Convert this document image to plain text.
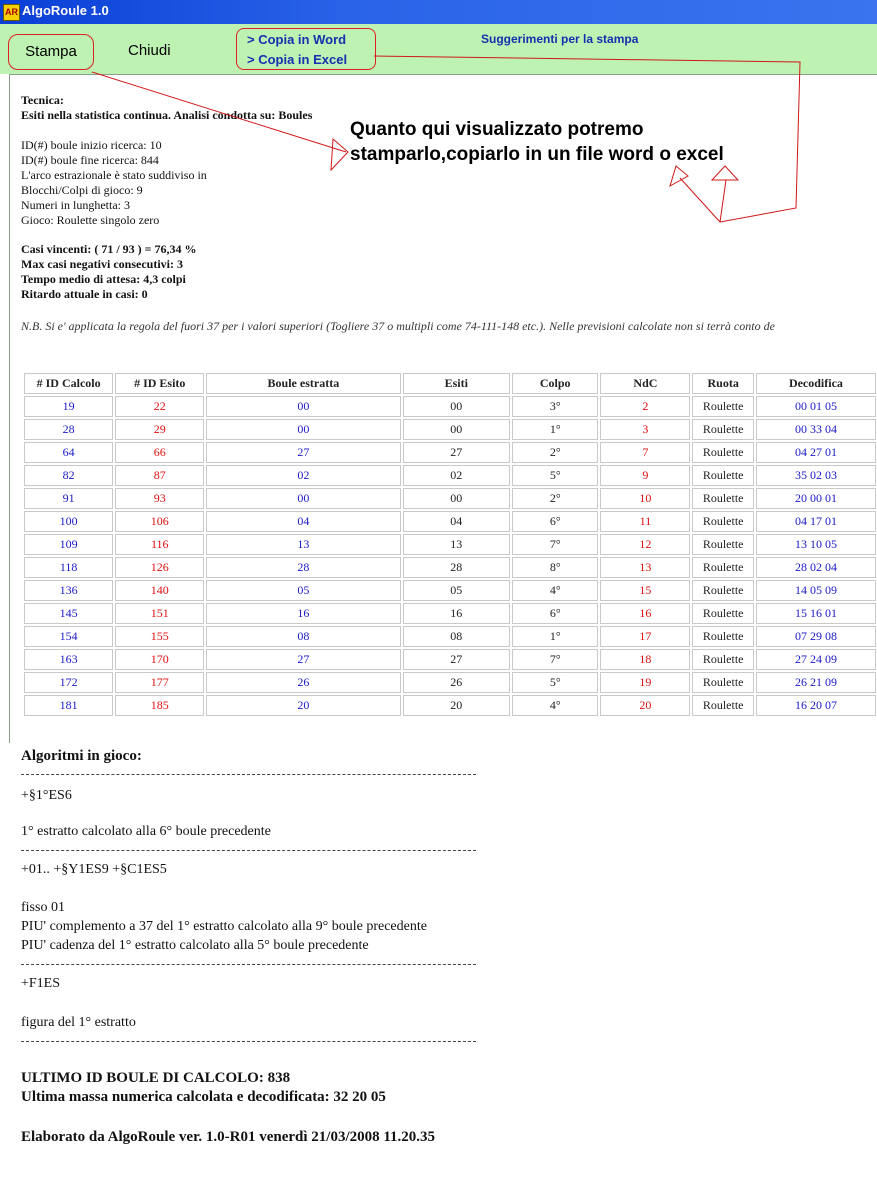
AR AlgoRoule 1.0
Stampa	Chiudi
> Copia in Word
> Copia in Excel
Suggerimenti per la stampa
Tecnica:
Esiti nella statistica continua. Analisi condotta su: Boules
ID(#) boule inizio ricerca: 10
ID(#) boule fine ricerca: 844
L'arco estrazionale è stato suddiviso in
Blocchi/Colpi di gioco: 9
Numeri in lunghetta: 3
Gioco: Roulette singolo zero
Casi vincenti: ( 71 / 93 ) = 76,34 %
Max casi negativi consecutivi: 3
Tempo medio di attesa: 4,3 colpi
Ritardo attuale in casi: 0
N.B. Si e' applicata la regola del fuori 37 per i valori superiori (Togliere 37 o multipli come 74-111-148 etc.). Nelle previsioni calcolate non si terrà conto de
# ID Calcolo	# ID Esito	Boule estratta	Esiti	Colpo	NdC	Ruota	Decodifica
19	22	00	00	3°	2	Roulette	00 01 05
28	29	00	00	1°	3	Roulette	00 33 04
64	66	27	27	2°	7	Roulette	04 27 01
82	87	02	02	5°	9	Roulette	35 02 03
91	93	00	00	2°	10	Roulette	20 00 01
100	106	04	04	6°	11	Roulette	04 17 01
109	116	13	13	7°	12	Roulette	13 10 05
118	126	28	28	8°	13	Roulette	28 02 04
136	140	05	05	4°	15	Roulette	14 05 09
145	151	16	16	6°	16	Roulette	15 16 01
154	155	08	08	1°	17	Roulette	07 29 08
163	170	27	27	7°	18	Roulette	27 24 09
172	177	26	26	5°	19	Roulette	26 21 09
181	185	20	20	4°	20	Roulette	16 20 07
Quanto qui visualizzato potremo
stamparlo,copiarlo in un file word o excel
Algoritmi in gioco:
+§1°ES6
1° estratto calcolato alla 6° boule precedente
+01.. +§Y1ES9 +§C1ES5
fisso 01
PIU' complemento a 37 del 1° estratto calcolato alla 9° boule precedente
PIU' cadenza del 1° estratto calcolato alla 5° boule precedente
+F1ES
figura del 1° estratto
ULTIMO ID BOULE DI CALCOLO: 838
Ultima massa numerica calcolata e decodificata: 32 20 05
Elaborato da AlgoRoule ver. 1.0-R01 venerdì 21/03/2008 11.20.35
